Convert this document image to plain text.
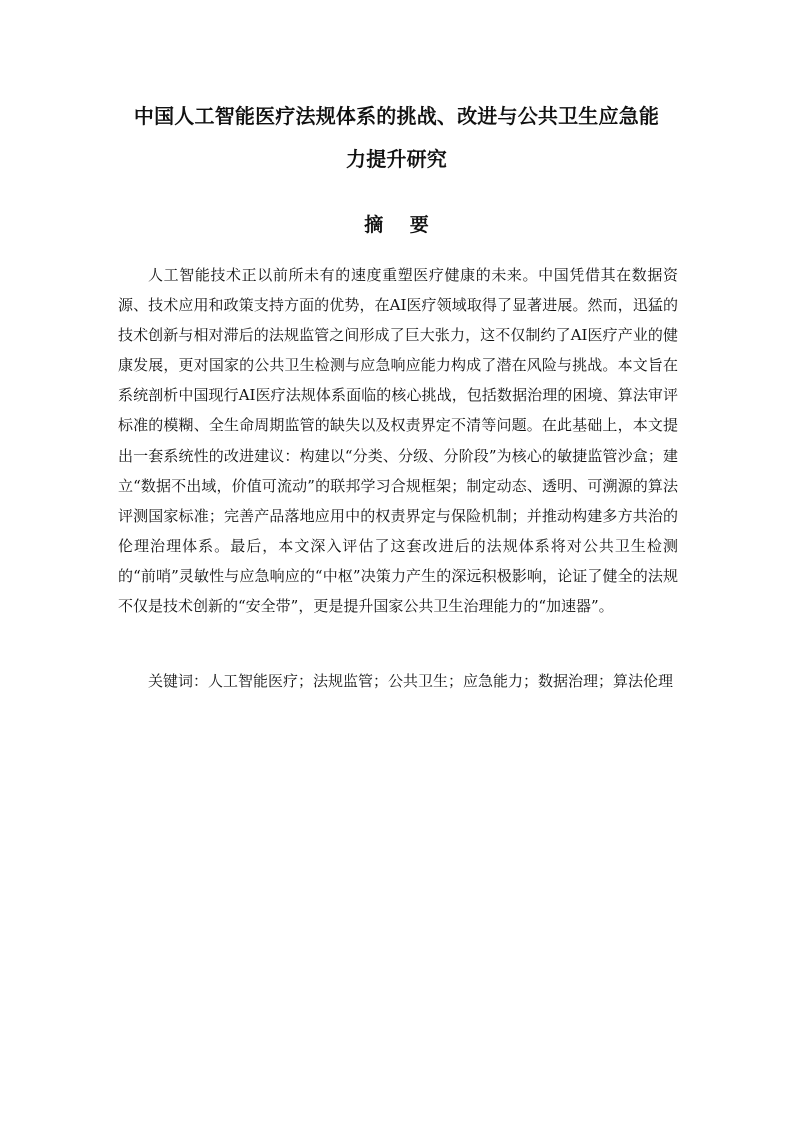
中国人工智能医疗法规体系的挑战、改进与公共卫生应急能
力提升研究
摘 要
人工智能技术正以前所未有的速度重塑医疗健康的未来。中国凭借其在数据资源、技术应用和政策支持方面的优势，在AI医疗领域取得了显著进展。然而，迅猛的技术创新与相对滞后的法规监管之间形成了巨大张力，这不仅制约了AI医疗产业的健康发展，更对国家的公共卫生检测与应急响应能力构成了潜在风险与挑战。本文旨在系统剖析中国现行AI医疗法规体系面临的核心挑战，包括数据治理的困境、算法审评标准的模糊、全生命周期监管的缺失以及权责界定不清等问题。在此基础上，本文提出一套系统性的改进建议：构建以“分类、分级、分阶段”为核心的敏捷监管沙盒；建立“数据不出域，价值可流动”的联邦学习合规框架；制定动态、透明、可溯源的算法评测国家标准；完善产品落地应用中的权责界定与保险机制；并推动构建多方共治的伦理治理体系。最后，本文深入评估了这套改进后的法规体系将对公共卫生检测的“前哨”灵敏性与应急响应的“中枢”决策力产生的深远积极影响，论证了健全的法规不仅是技术创新的“安全带”，更是提升国家公共卫生治理能力的“加速器”。
关键词：人工智能医疗；法规监管；公共卫生；应急能力；数据治理；算法伦理
